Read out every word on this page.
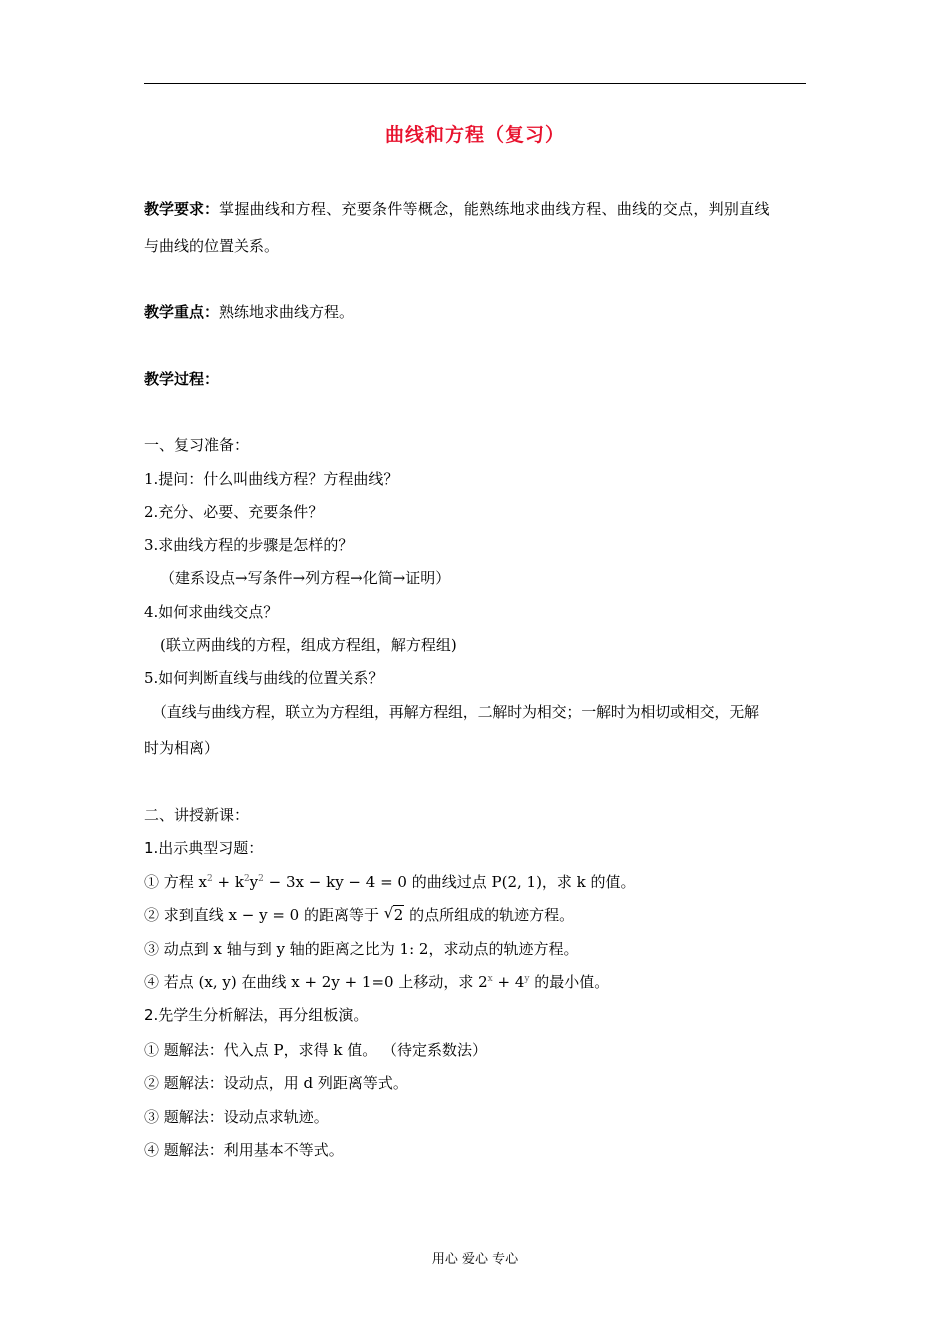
曲线和方程（复习）
教学要求：掌握曲线和方程、充要条件等概念，能熟练地求曲线方程、曲线的交点，判别直线
与曲线的位置关系。
教学重点：熟练地求曲线方程。
教学过程：
一、复习准备：
1.提问：什么叫曲线方程？方程曲线？
2.充分、必要、充要条件？
3.求曲线方程的步骤是怎样的？
（建系设点→写条件→列方程→化简→证明）
4.如何求曲线交点？
(联立两曲线的方程，组成方程组，解方程组)
5.如何判断直线与曲线的位置关系？
（直线与曲线方程，联立为方程组，再解方程组，二解时为相交；一解时为相切或相交，无解
时为相离）
二、讲授新课：
1.出示典型习题：
① 方程 $x^2 + k^2y^2 - 3x$ − ky − 4 = 0 的曲线过点 P(2, 1)，求 k 的值。
② 求到直线 x − y = 0 的距离等于 √ 2 的点所组成的轨迹方程。
③ 动点到 x 轴与到 y 轴的距离之比为 1: 2，求动点的轨迹方程。
④ 若点 (x, y) 在曲线 x + 2y + 1=0 上移动，求 $2^x + 4^y$ 的最小值。
2.先学生分析解法，再分组板演。
① 题解法：代入点 P，求得 k 值。 （待定系数法）
② 题解法：设动点，用 d 列距离等式。
③ 题解法：设动点求轨迹。
④ 题解法：利用基本不等式。
用心 爱心 专心
